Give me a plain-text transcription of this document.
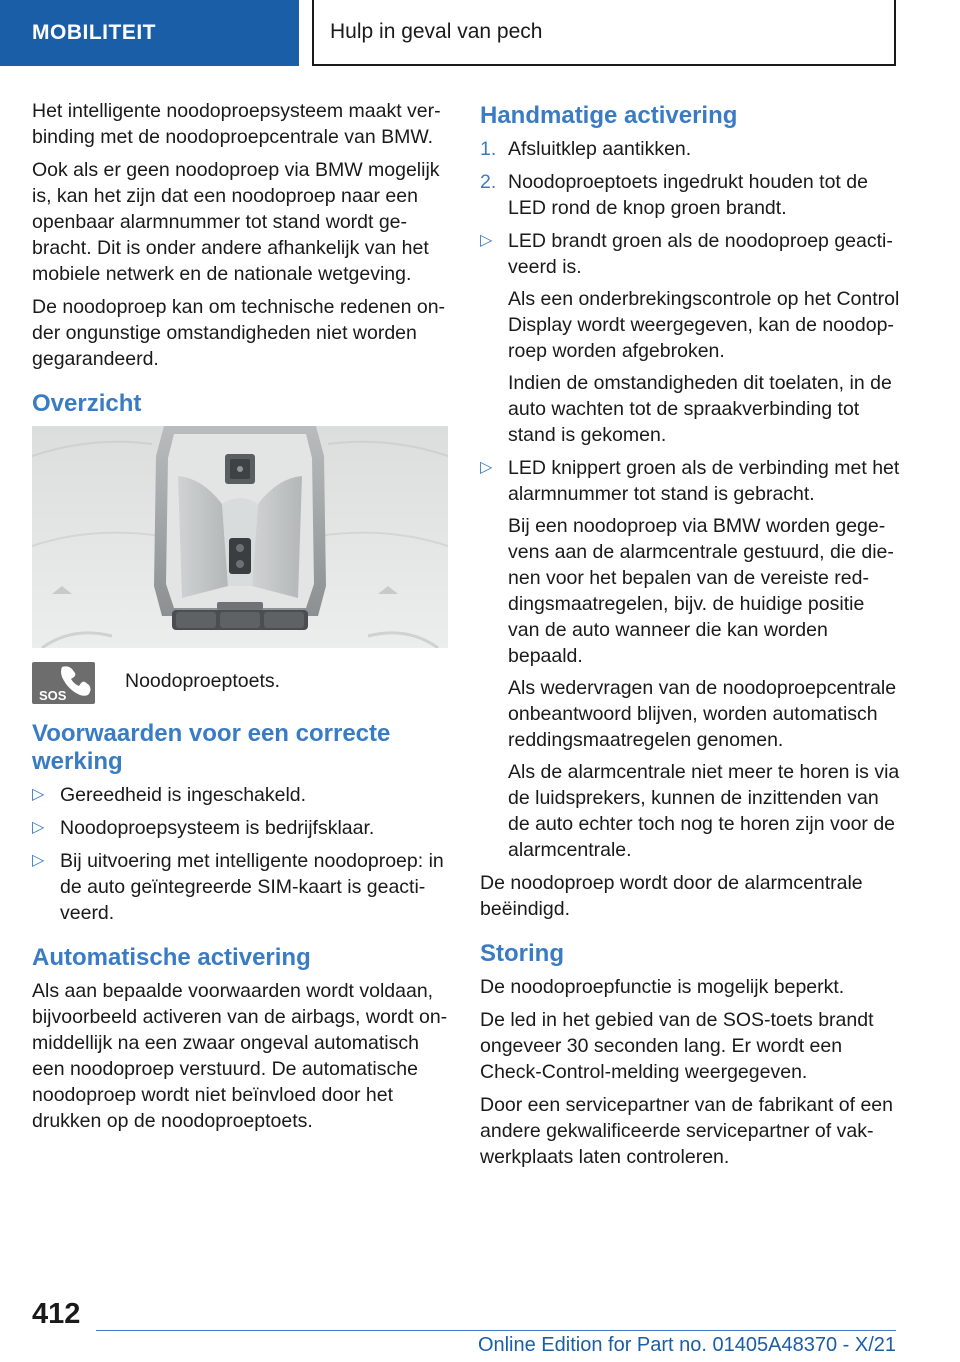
MOBILITEIT	Hulp in geval van pech

Het intelligente noodoproepsysteem maakt verbinding met de noodoproepcentrale van BMW.

Ook als er geen noodoproep via BMW mogelijk is, kan het zijn dat een noodoproep naar een openbaar alarmnummer tot stand wordt gebracht. Dit is onder andere afhankelijk van het mobiele netwerk en de nationale wetgeving.

De noodoproep kan om technische redenen onder ongunstige omstandigheden niet worden gegarandeerd.

Overzicht
SOS
Noodoproeptoets.
Voorwaarden voor een correcte werking
▷ Gereedheid is ingeschakeld.
▷ Noodoproepsysteem is bedrijfsklaar.
▷ Bij uitvoering met intelligente noodoproep: in de auto geïntegreerde SIM-kaart is geactiveerd.
Automatische activering

Als aan bepaalde voorwaarden wordt voldaan, bijvoorbeeld activeren van de airbags, wordt onmiddellijk na een zwaar ongeval automatisch een noodoproep verstuurd. De automatische noodoproep wordt niet beïnvloed door het drukken op de noodoproeptoets.

Handmatige activering
1. Afsluitklep aantikken.
2. Noodoproeptoets ingedrukt houden tot de LED rond de knop groen brandt.
▷ LED brandt groen als de noodoproep geactiveerd is.

Als een onderbrekingscontrole op het Control Display wordt weergegeven, kan de noodoproep worden afgebroken.

Indien de omstandigheden dit toelaten, in de auto wachten tot de spraakverbinding tot stand is gekomen.

▷ LED knippert groen als de verbinding met het alarmnummer tot stand is gebracht.

Bij een noodoproep via BMW worden gegevens aan de alarmcentrale gestuurd, die dienen voor het bepalen van de vereiste reddingsmaatregelen, bijv. de huidige positie van de auto wanneer die kan worden bepaald.

Als wedervragen van de noodoproepcentrale onbeantwoord blijven, worden automatisch reddingsmaatregelen genomen.

Als de alarmcentrale niet meer te horen is via de luidsprekers, kunnen de inzittenden van de auto echter toch nog te horen zijn voor de alarmcentrale.

De noodoproep wordt door de alarmcentrale beëindigd.

Storing

De noodoproepfunctie is mogelijk beperkt.

De led in het gebied van de SOS-toets brandt ongeveer 30 seconden lang. Er wordt een Check-Control-melding weergegeven.

Door een servicepartner van de fabrikant of een andere gekwalificeerde servicepartner of vakwerkplaats laten controleren.

412
Online Edition for Part no. 01405A48370 - X/21
